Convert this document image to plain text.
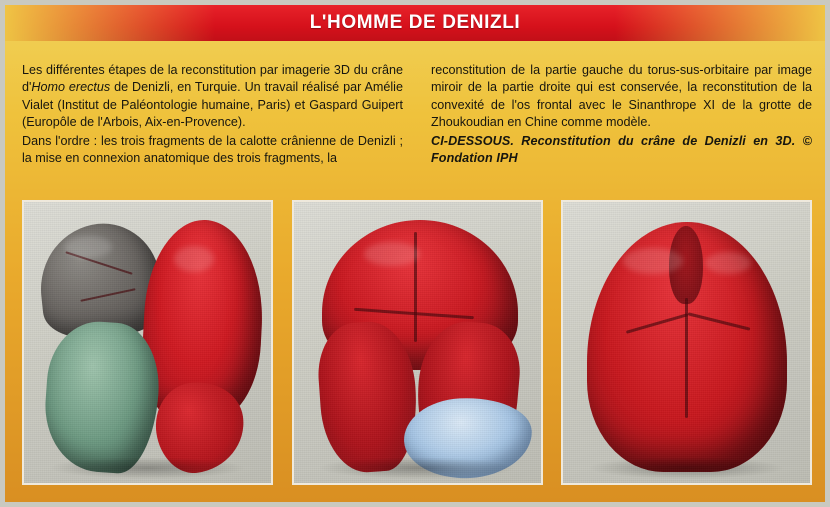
L'HOMME DE DENIZLI

Les différentes étapes de la reconstitution par imagerie 3D du crâne d'Homo erectus de Denizli, en Turquie. Un travail réalisé par Amélie Vialet (Institut de Paléontologie humaine, Paris) et Gaspard Guipert (Europôle de l'Arbois, Aix-en-Provence).

Dans l'ordre : les trois fragments de la calotte crânienne de Denizli ; la mise en connexion anatomique des trois fragments, la

reconstitution de la partie gauche du torus-sus-orbitaire par image miroir de la partie droite qui est conservée, la reconstitution de la convexité de l'os frontal avec le Sinanthrope XI de la grotte de Zhoukoudian en Chine comme modèle.

CI-DESSOUS. Reconstitution du crâne de Denizli en 3D. © Fondation IPH
